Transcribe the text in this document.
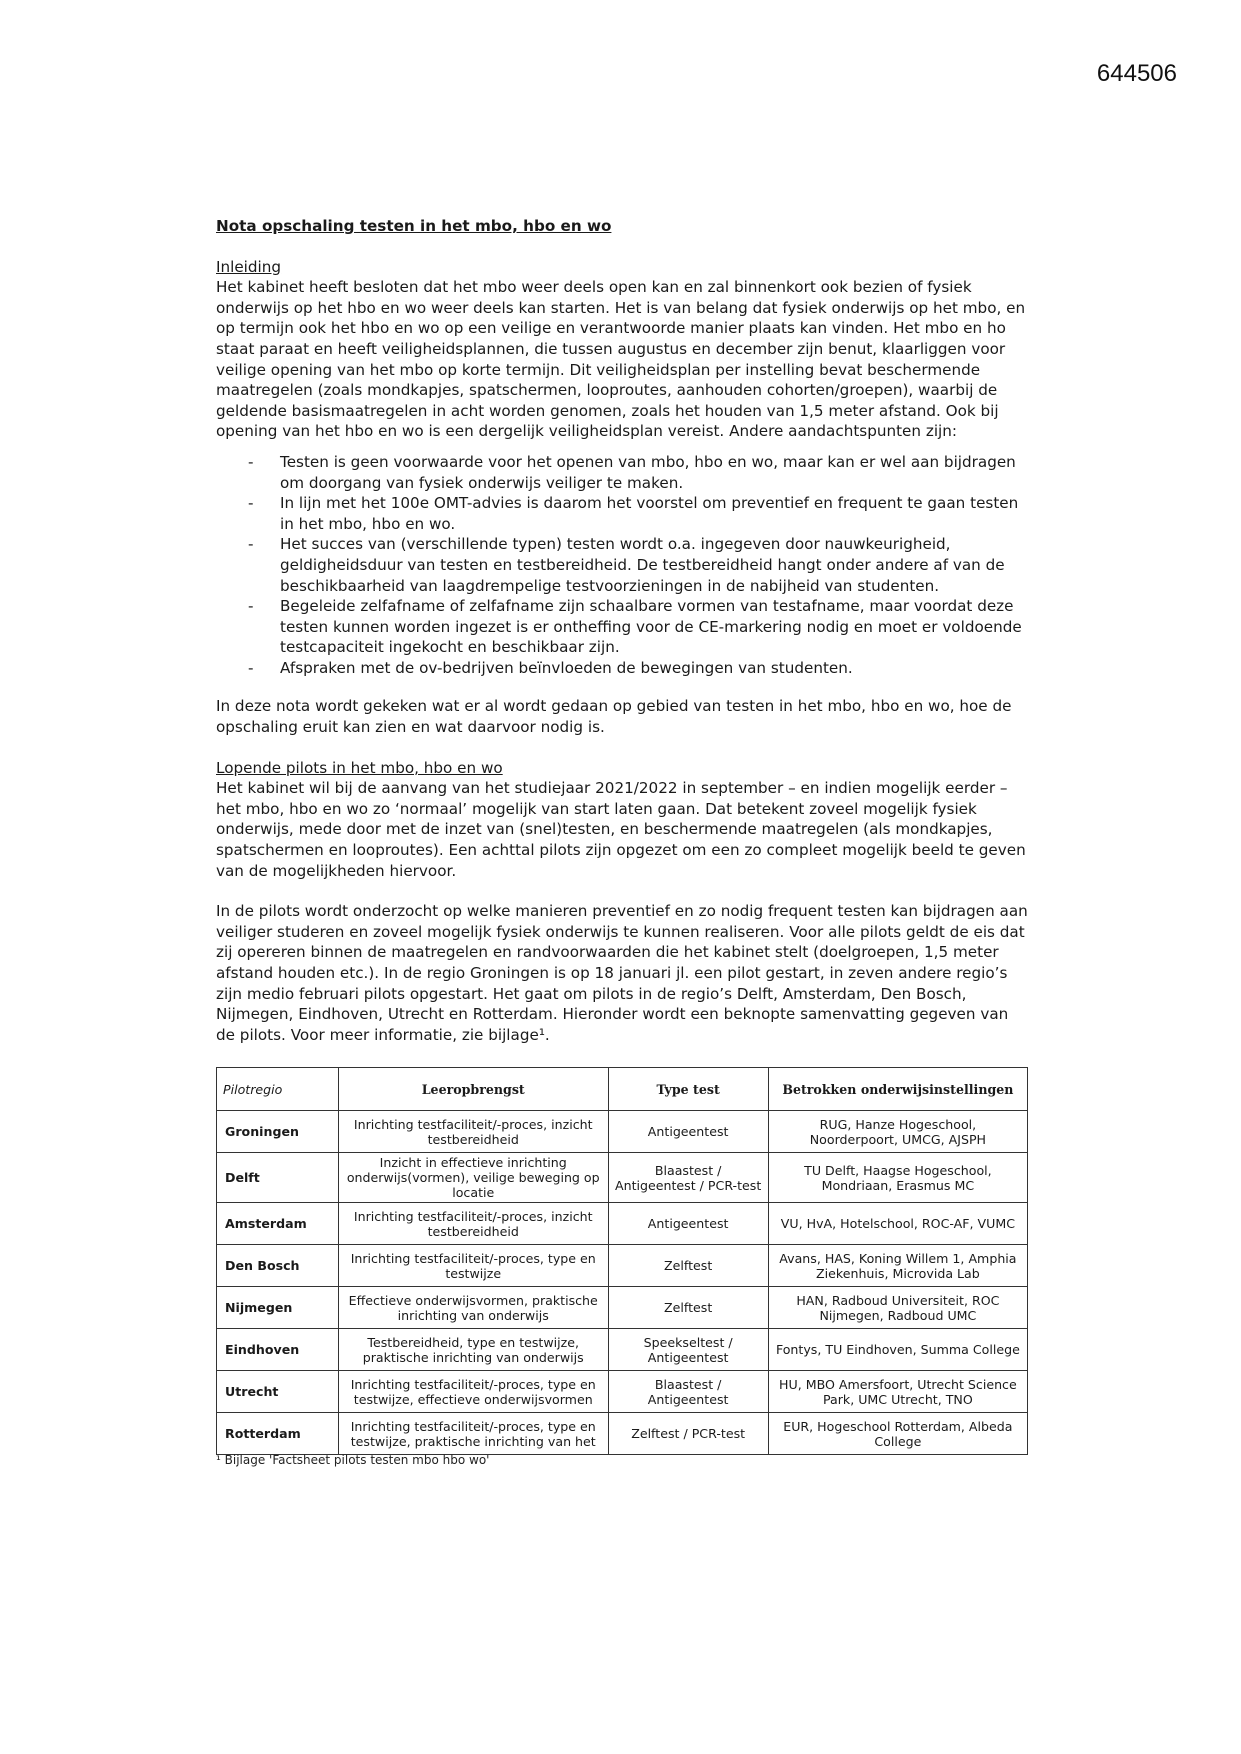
644506

Nota opschaling testen in het mbo, hbo en wo

Inleiding

Het kabinet heeft besloten dat het mbo weer deels open kan en zal binnenkort ook bezien of fysiek onderwijs op het hbo en wo weer deels kan starten. Het is van belang dat fysiek onderwijs op het mbo, en op termijn ook het hbo en wo op een veilige en verantwoorde manier plaats kan vinden. Het mbo en ho staat paraat en heeft veiligheidsplannen, die tussen augustus en december zijn benut, klaarliggen voor veilige opening van het mbo op korte termijn. Dit veiligheidsplan per instelling bevat beschermende maatregelen (zoals mondkapjes, spatschermen, looproutes, aanhouden cohorten/groepen), waarbij de geldende basismaatregelen in acht worden genomen, zoals het houden van 1,5 meter afstand. Ook bij opening van het hbo en wo is een dergelijk veiligheidsplan vereist. Andere aandachtspunten zijn:

- Testen is geen voorwaarde voor het openen van mbo, hbo en wo, maar kan er wel aan bijdragen om doorgang van fysiek onderwijs veiliger te maken.
- In lijn met het 100e OMT-advies is daarom het voorstel om preventief en frequent te gaan testen in het mbo, hbo en wo.
- Het succes van (verschillende typen) testen wordt o.a. ingegeven door nauwkeurigheid, geldigheidsduur van testen en testbereidheid. De testbereidheid hangt onder andere af van de beschikbaarheid van laagdrempelige testvoorzieningen in de nabijheid van studenten.
- Begeleide zelfafname of zelfafname zijn schaalbare vormen van testafname, maar voordat deze testen kunnen worden ingezet is er ontheffing voor de CE-markering nodig en moet er voldoende testcapaciteit ingekocht en beschikbaar zijn.
- Afspraken met de ov-bedrijven beïnvloeden de bewegingen van studenten.

In deze nota wordt gekeken wat er al wordt gedaan op gebied van testen in het mbo, hbo en wo, hoe de opschaling eruit kan zien en wat daarvoor nodig is.

Lopende pilots in het mbo, hbo en wo

Het kabinet wil bij de aanvang van het studiejaar 2021/2022 in september – en indien mogelijk eerder – het mbo, hbo en wo zo ‘normaal’ mogelijk van start laten gaan. Dat betekent zoveel mogelijk fysiek onderwijs, mede door met de inzet van (snel)testen, en beschermende maatregelen (als mondkapjes, spatschermen en looproutes). Een achttal pilots zijn opgezet om een zo compleet mogelijk beeld te geven van de mogelijkheden hiervoor.

In de pilots wordt onderzocht op welke manieren preventief en zo nodig frequent testen kan bijdragen aan veiliger studeren en zoveel mogelijk fysiek onderwijs te kunnen realiseren. Voor alle pilots geldt de eis dat zij opereren binnen de maatregelen en randvoorwaarden die het kabinet stelt (doelgroepen, 1,5 meter afstand houden etc.). In de regio Groningen is op 18 januari jl. een pilot gestart, in zeven andere regio’s zijn medio februari pilots opgestart. Het gaat om pilots in de regio’s Delft, Amsterdam, Den Bosch, Nijmegen, Eindhoven, Utrecht en Rotterdam. Hieronder wordt een beknopte samenvatting gegeven van de pilots. Voor meer informatie, zie bijlage¹.

Pilotregio	Leeropbrengst	Type test	Betrokken onderwijsinstellingen
Groningen	Inrichting testfaciliteit/-proces, inzicht testbereidheid	Antigeentest	RUG, Hanze Hogeschool, Noorderpoort, UMCG, AJSPH
Delft	Inzicht in effectieve inrichting onderwijs(vormen), veilige beweging op locatie	Blaastest / Antigeentest / PCR-test	TU Delft, Haagse Hogeschool, Mondriaan, Erasmus MC
Amsterdam	Inrichting testfaciliteit/-proces, inzicht testbereidheid	Antigeentest	VU, HvA, Hotelschool, ROC-AF, VUMC
Den Bosch	Inrichting testfaciliteit/-proces, type en testwijze	Zelftest	Avans, HAS, Koning Willem 1, Amphia Ziekenhuis, Microvida Lab
Nijmegen	Effectieve onderwijsvormen, praktische inrichting van onderwijs	Zelftest	HAN, Radboud Universiteit, ROC Nijmegen, Radboud UMC
Eindhoven	Testbereidheid, type en testwijze, praktische inrichting van onderwijs	Speekseltest / Antigeentest	Fontys, TU Eindhoven, Summa College
Utrecht	Inrichting testfaciliteit/-proces, type en testwijze, effectieve onderwijsvormen	Blaastest / Antigeentest	HU, MBO Amersfoort, Utrecht Science Park, UMC Utrecht, TNO
Rotterdam	Inrichting testfaciliteit/-proces, type en testwijze, praktische inrichting van het	Zelftest / PCR-test	EUR, Hogeschool Rotterdam, Albeda College
¹ Bijlage 'Factsheet pilots testen mbo hbo wo'
